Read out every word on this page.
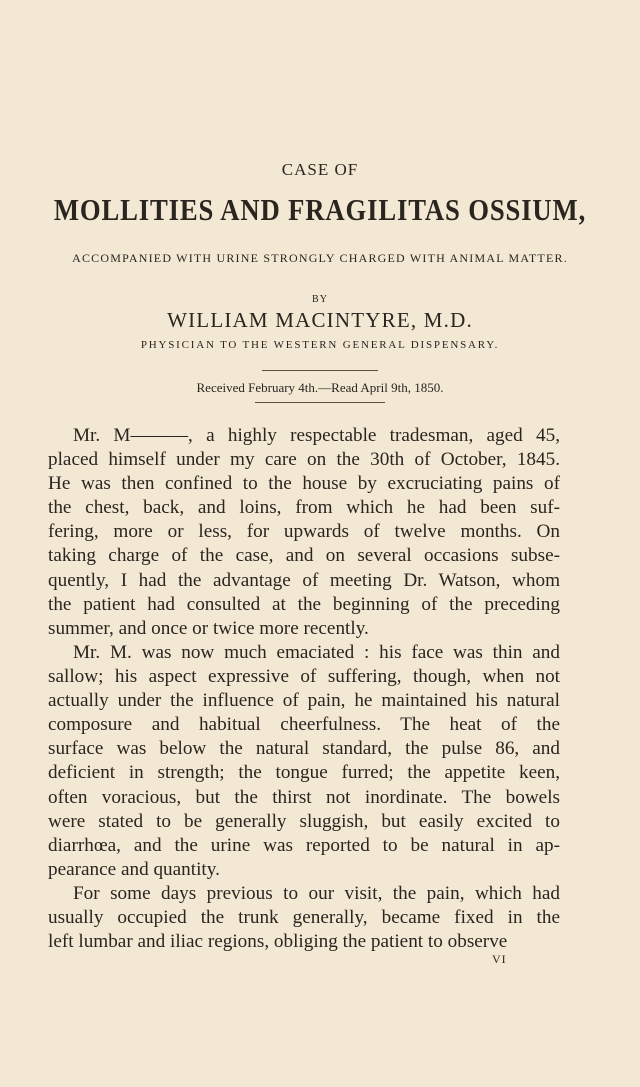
CASE OF
MOLLITIES AND FRAGILITAS OSSIUM,
ACCOMPANIED WITH URINE STRONGLY CHARGED WITH ANIMAL MATTER.
BY
WILLIAM MACINTYRE, M.D.
PHYSICIAN TO THE WESTERN GENERAL DISPENSARY.
Received February 4th.—Read April 9th, 1850.
Mr. M———, a highly respectable tradesman, aged 45,
placed himself under my care on the 30th of October, 1845.
He was then confined to the house by excruciating pains of
the chest, back, and loins, from which he had been suf-
fering, more or less, for upwards of twelve months. On
taking charge of the case, and on several occasions subse-
quently, I had the advantage of meeting Dr. Watson, whom
the patient had consulted at the beginning of the preceding
summer, and once or twice more recently.
Mr. M. was now much emaciated : his face was thin and
sallow; his aspect expressive of suffering, though, when not
actually under the influence of pain, he maintained his natural
composure and habitual cheerfulness. The heat of the
surface was below the natural standard, the pulse 86, and
deficient in strength; the tongue furred; the appetite keen,
often voracious, but the thirst not inordinate. The bowels
were stated to be generally sluggish, but easily excited to
diarrhœa, and the urine was reported to be natural in ap-
pearance and quantity.
For some days previous to our visit, the pain, which had
usually occupied the trunk generally, became fixed in the
left lumbar and iliac regions, obliging the patient to observe
VI
